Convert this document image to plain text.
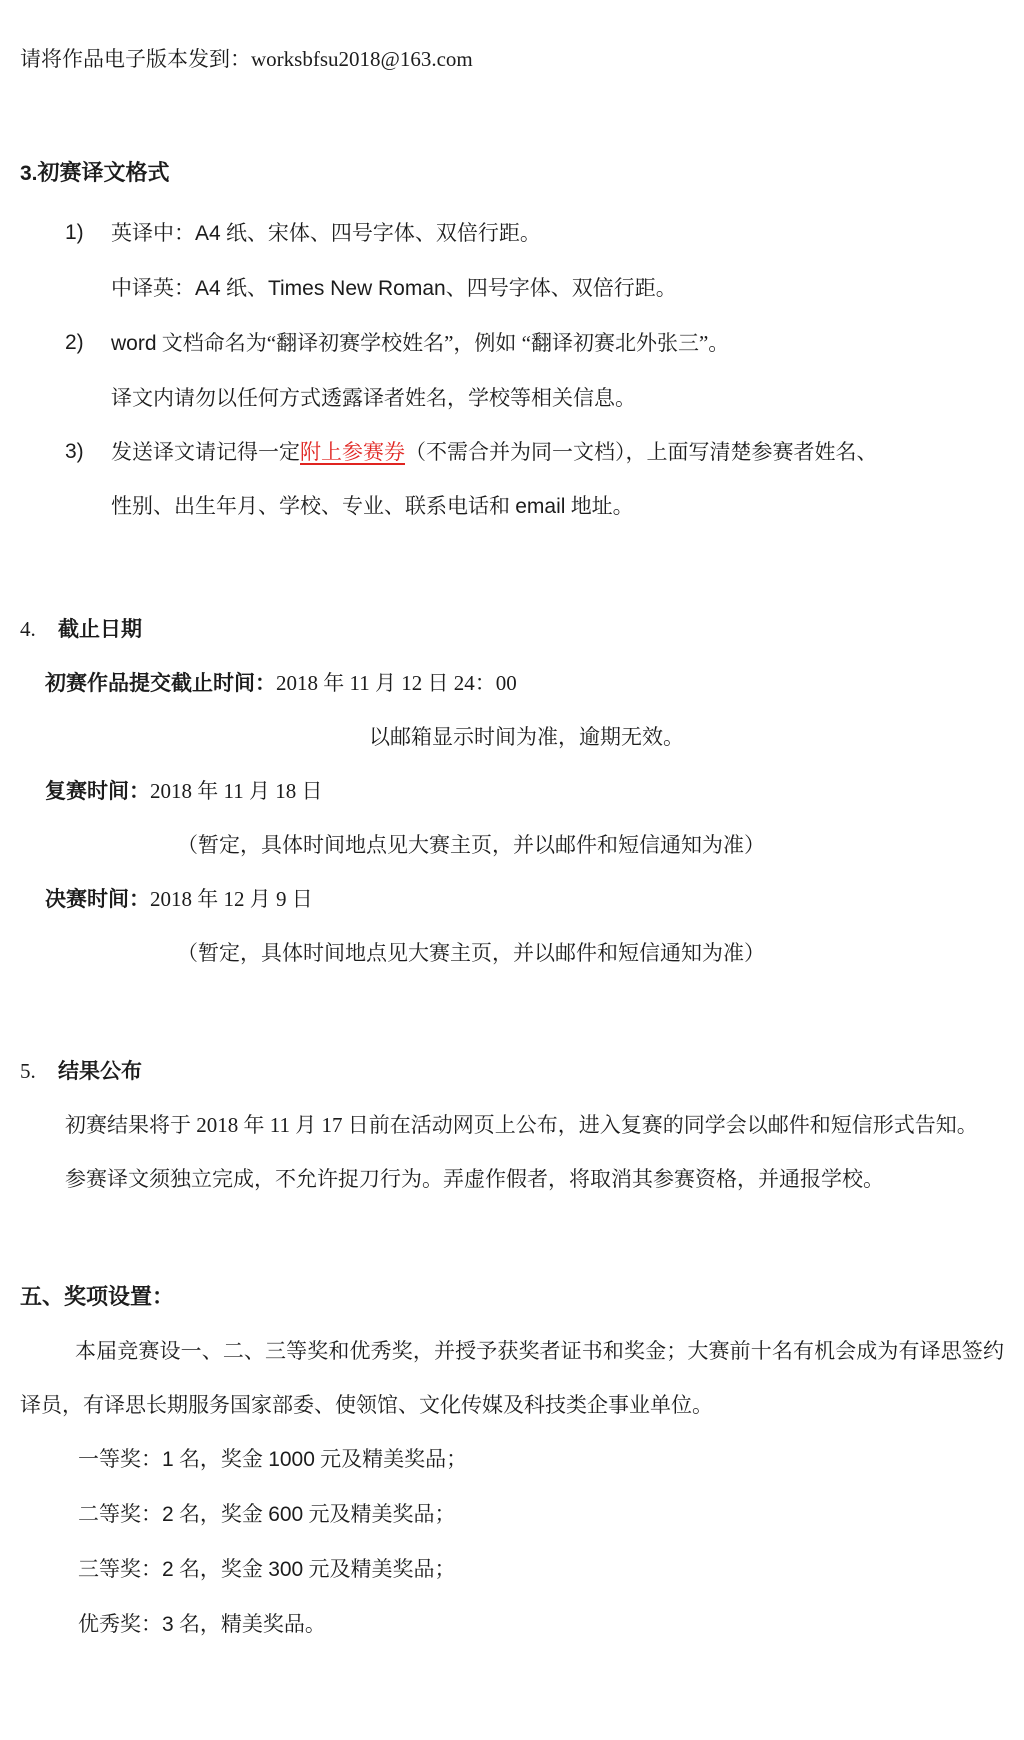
请将作品电子版本发到：worksbfsu2018@163.com
3.初赛译文格式
1)	英译中：A4 纸、宋体、四号字体、双倍行距。
中译英：A4 纸、Times New Roman、四号字体、双倍行距。
2)	word 文档命名为“翻译初赛学校姓名”，例如 “翻译初赛北外张三”。
译文内请勿以任何方式透露译者姓名，学校等相关信息。
3)	发送译文请记得一定附上参赛券（不需合并为同一文档），上面写清楚参赛者姓名、
性别、出生年月、学校、专业、联系电话和 email 地址。
4. 截止日期
初赛作品提交截止时间：2018 年 11 月 12 日 24：00
以邮箱显示时间为准，逾期无效。
复赛时间：2018 年 11 月 18 日
（暂定，具体时间地点见大赛主页，并以邮件和短信通知为准）
决赛时间：2018 年 12 月 9 日
（暂定，具体时间地点见大赛主页，并以邮件和短信通知为准）
5. 结果公布
初赛结果将于 2018 年 11 月 17 日前在活动网页上公布，进入复赛的同学会以邮件和短信形式告知。
参赛译文须独立完成，不允许捉刀行为。弄虚作假者，将取消其参赛资格，并通报学校。
五、奖项设置：
本届竞赛设一、二、三等奖和优秀奖，并授予获奖者证书和奖金；大赛前十名有机会成为有译思签约译员，有译思长期服务国家部委、使领馆、文化传媒及科技类企事业单位。
一等奖：1 名，奖金 1000 元及精美奖品；
二等奖：2 名，奖金 600 元及精美奖品；
三等奖：2 名，奖金 300 元及精美奖品；
优秀奖：3 名，精美奖品。
